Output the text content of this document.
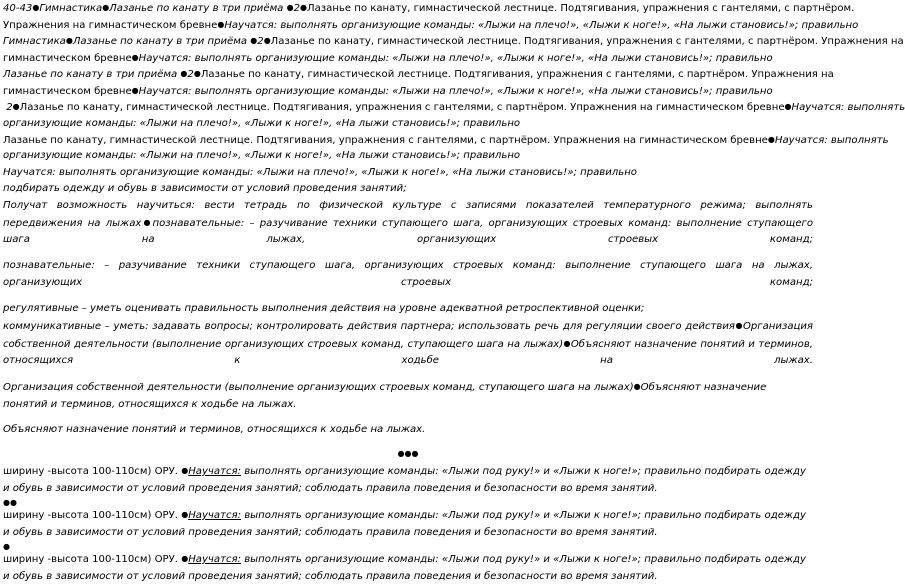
40-43●Гимнастика●Лазанье по канату в три приёма ●2●Лазанье по канату, гимнастической лестнице. Подтягивания, упражнения с гантелями, с партнёром.
Упражнения на гимнастическом бревне●Научатся: выполнять организующие команды: «Лыжи на плечо!», «Лыжи к ноге!», «На лыжи становись!»; правильно
Гимнастика●Лазанье по канату в три приёма ●2●Лазанье по канату, гимнастической лестнице. Подтягивания, упражнения с гантелями, с партнёром. Упражнения на
гимнастическом бревне●Научатся: выполнять организующие команды: «Лыжи на плечо!», «Лыжи к ноге!», «На лыжи становись!»; правильно
Лазанье по канату в три приёма ●2●Лазанье по канату, гимнастической лестнице. Подтягивания, упражнения с гантелями, с партнёром. Упражнения на
гимнастическом бревне●Научатся: выполнять организующие команды: «Лыжи на плечо!», «Лыжи к ноге!», «На лыжи становись!»; правильно
2●Лазанье по канату, гимнастической лестнице. Подтягивания, упражнения с гантелями, с партнёром. Упражнения на гимнастическом бревне●Научатся: выполнять
организующие команды: «Лыжи на плечо!», «Лыжи к ноге!», «На лыжи становись!»; правильно
Лазанье по канату, гимнастической лестнице. Подтягивания, упражнения с гантелями, с партнёром. Упражнения на гимнастическом бревне●Научатся: выполнять
организующие команды: «Лыжи на плечо!», «Лыжи к ноге!», «На лыжи становись!»; правильно
Научатся: выполнять организующие команды: «Лыжи на плечо!», «Лыжи к ноге!», «На лыжи становись!»; правильно
подбирать одежду и обувь в зависимости от условий проведения занятий;
Получат возможность научиться: вести тетрадь по физической культуре с записями показателей температурного режима; выполнять передвижения на лыжах●познавательные: – разучивание техники ступающего шага, организующих строевых команд: выполнение ступающего шага на лыжах, организующих строевых команд;
познавательные: – разучивание техники ступающего шага, организующих строевых команд: выполнение ступающего шага на лыжах, организующих строевых команд;
регулятивные – уметь оценивать правильность выполнения действия на уровне адекватной ретроспективной оценки;
коммуникативные – уметь: задавать вопросы; контролировать действия партнера; использовать речь для регуляции своего действия●Организация собственной деятельности (выполнение организующих строевых команд, ступающего шага на лыжах)●Объясняют назначение понятий и терминов, относящихся к ходьбе на лыжах.
Организация собственной деятельности (выполнение организующих строевых команд, ступающего шага на лыжах)●Объясняют назначение понятий и терминов, относящихся к ходьбе на лыжах.
Объясняют назначение понятий и терминов, относящихся к ходьбе на лыжах.
●●●
ширину -высота 100-110см) ОРУ. ●Научатся: выполнять организующие команды: «Лыжи под руку!» и «Лыжи к ноге!»; правильно подбирать одежду и обувь в зависимости от условий проведения занятий; соблюдать правила поведения и безопасности во время занятий.
●●
ширину -высота 100-110см) ОРУ. ●Научатся: выполнять организующие команды: «Лыжи под руку!» и «Лыжи к ноге!»; правильно подбирать одежду и обувь в зависимости от условий проведения занятий; соблюдать правила поведения и безопасности во время занятий.
●
ширину -высота 100-110см) ОРУ. ●Научатся: выполнять организующие команды: «Лыжи под руку!» и «Лыжи к ноге!»; правильно подбирать одежду и обувь в зависимости от условий проведения занятий; соблюдать правила поведения и безопасности во время занятий.
